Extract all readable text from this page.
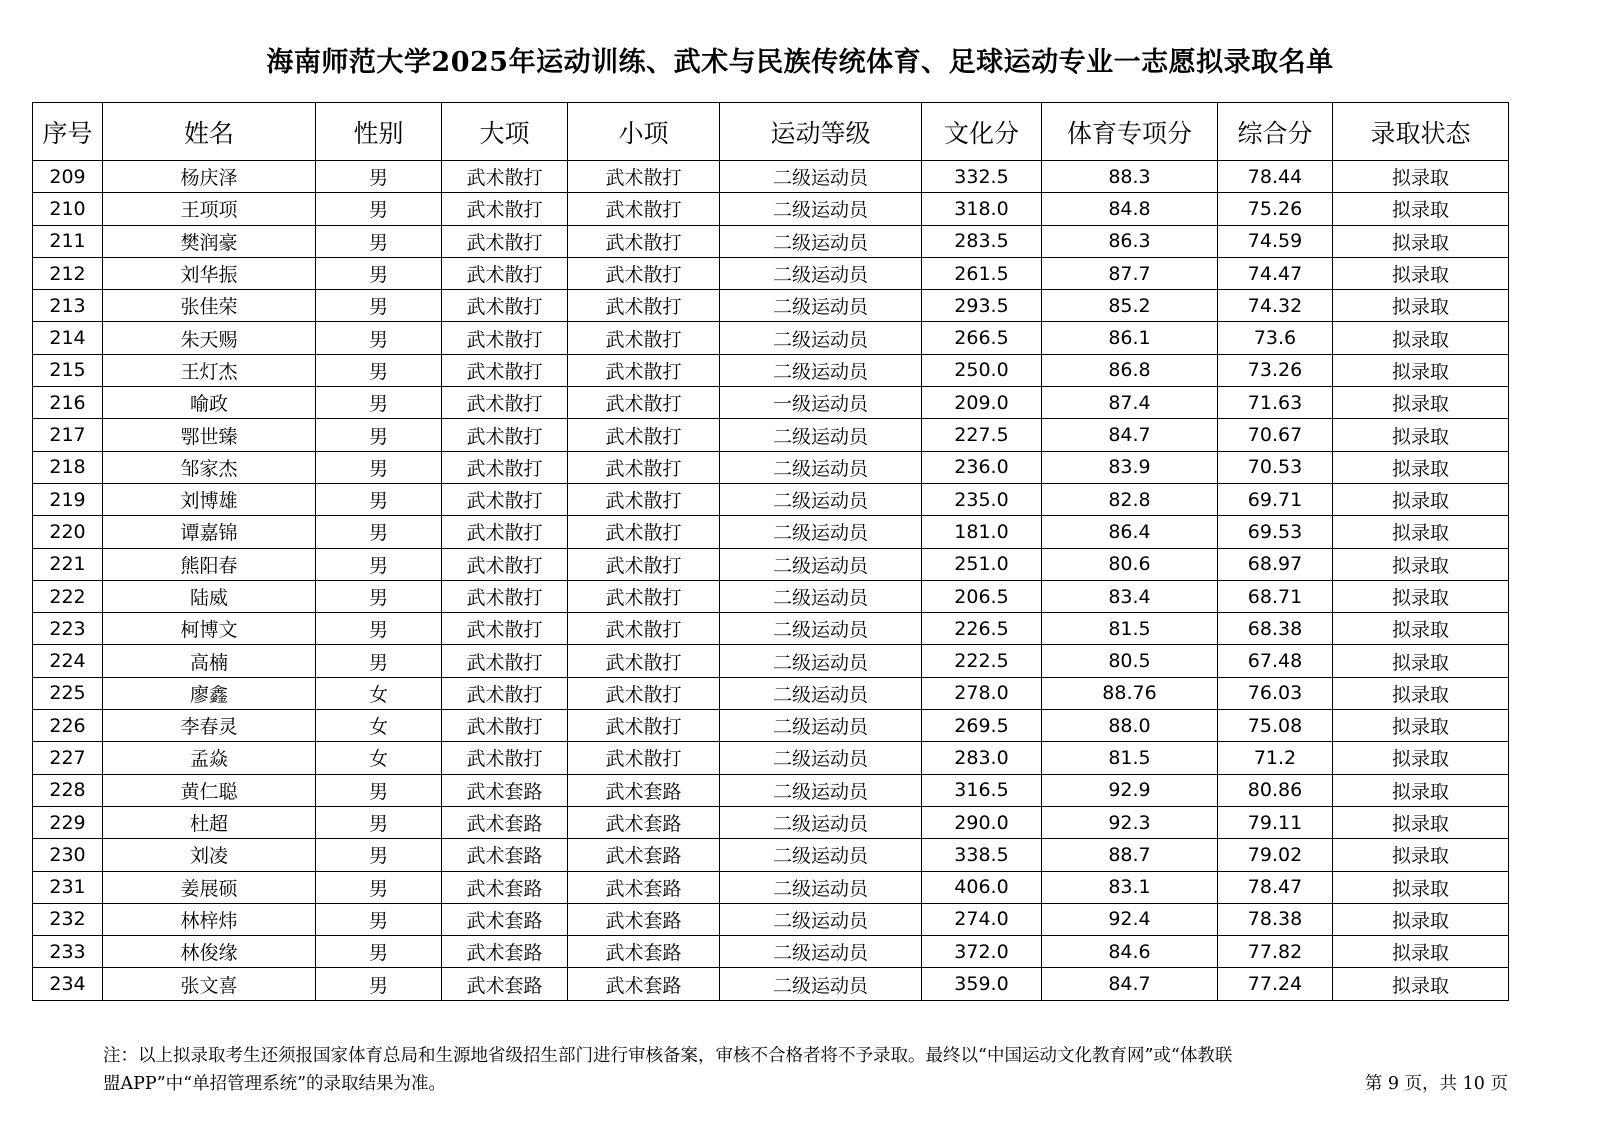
海南师范大学2025年运动训练、武术与民族传统体育、足球运动专业一志愿拟录取名单
序号	姓名	性别	大项	小项	运动等级	文化分	体育专项分	综合分	录取状态
209	杨庆泽	男	武术散打	武术散打	二级运动员	332.5	88.3	78.44	拟录取
210	王项项	男	武术散打	武术散打	二级运动员	318.0	84.8	75.26	拟录取
211	樊润豪	男	武术散打	武术散打	二级运动员	283.5	86.3	74.59	拟录取
212	刘华振	男	武术散打	武术散打	二级运动员	261.5	87.7	74.47	拟录取
213	张佳荣	男	武术散打	武术散打	二级运动员	293.5	85.2	74.32	拟录取
214	朱天赐	男	武术散打	武术散打	二级运动员	266.5	86.1	73.6	拟录取
215	王灯杰	男	武术散打	武术散打	二级运动员	250.0	86.8	73.26	拟录取
216	喻政	男	武术散打	武术散打	一级运动员	209.0	87.4	71.63	拟录取
217	鄂世臻	男	武术散打	武术散打	二级运动员	227.5	84.7	70.67	拟录取
218	邹家杰	男	武术散打	武术散打	二级运动员	236.0	83.9	70.53	拟录取
219	刘博雄	男	武术散打	武术散打	二级运动员	235.0	82.8	69.71	拟录取
220	谭嘉锦	男	武术散打	武术散打	二级运动员	181.0	86.4	69.53	拟录取
221	熊阳春	男	武术散打	武术散打	二级运动员	251.0	80.6	68.97	拟录取
222	陆威	男	武术散打	武术散打	二级运动员	206.5	83.4	68.71	拟录取
223	柯博文	男	武术散打	武术散打	二级运动员	226.5	81.5	68.38	拟录取
224	高楠	男	武术散打	武术散打	二级运动员	222.5	80.5	67.48	拟录取
225	廖鑫	女	武术散打	武术散打	二级运动员	278.0	88.76	76.03	拟录取
226	李春灵	女	武术散打	武术散打	二级运动员	269.5	88.0	75.08	拟录取
227	孟焱	女	武术散打	武术散打	二级运动员	283.0	81.5	71.2	拟录取
228	黄仁聪	男	武术套路	武术套路	二级运动员	316.5	92.9	80.86	拟录取
229	杜超	男	武术套路	武术套路	二级运动员	290.0	92.3	79.11	拟录取
230	刘凌	男	武术套路	武术套路	二级运动员	338.5	88.7	79.02	拟录取
231	姜展硕	男	武术套路	武术套路	二级运动员	406.0	83.1	78.47	拟录取
232	林梓炜	男	武术套路	武术套路	二级运动员	274.0	92.4	78.38	拟录取
233	林俊缘	男	武术套路	武术套路	二级运动员	372.0	84.6	77.82	拟录取
234	张文喜	男	武术套路	武术套路	二级运动员	359.0	84.7	77.24	拟录取
注：以上拟录取考生还须报国家体育总局和生源地省级招生部门进行审核备案，审核不合格者将不予录取。最终以“中国运动文化教育网”或“体教联
盟APP”中“单招管理系统”的录取结果为准。	第 9 页，共 10 页
